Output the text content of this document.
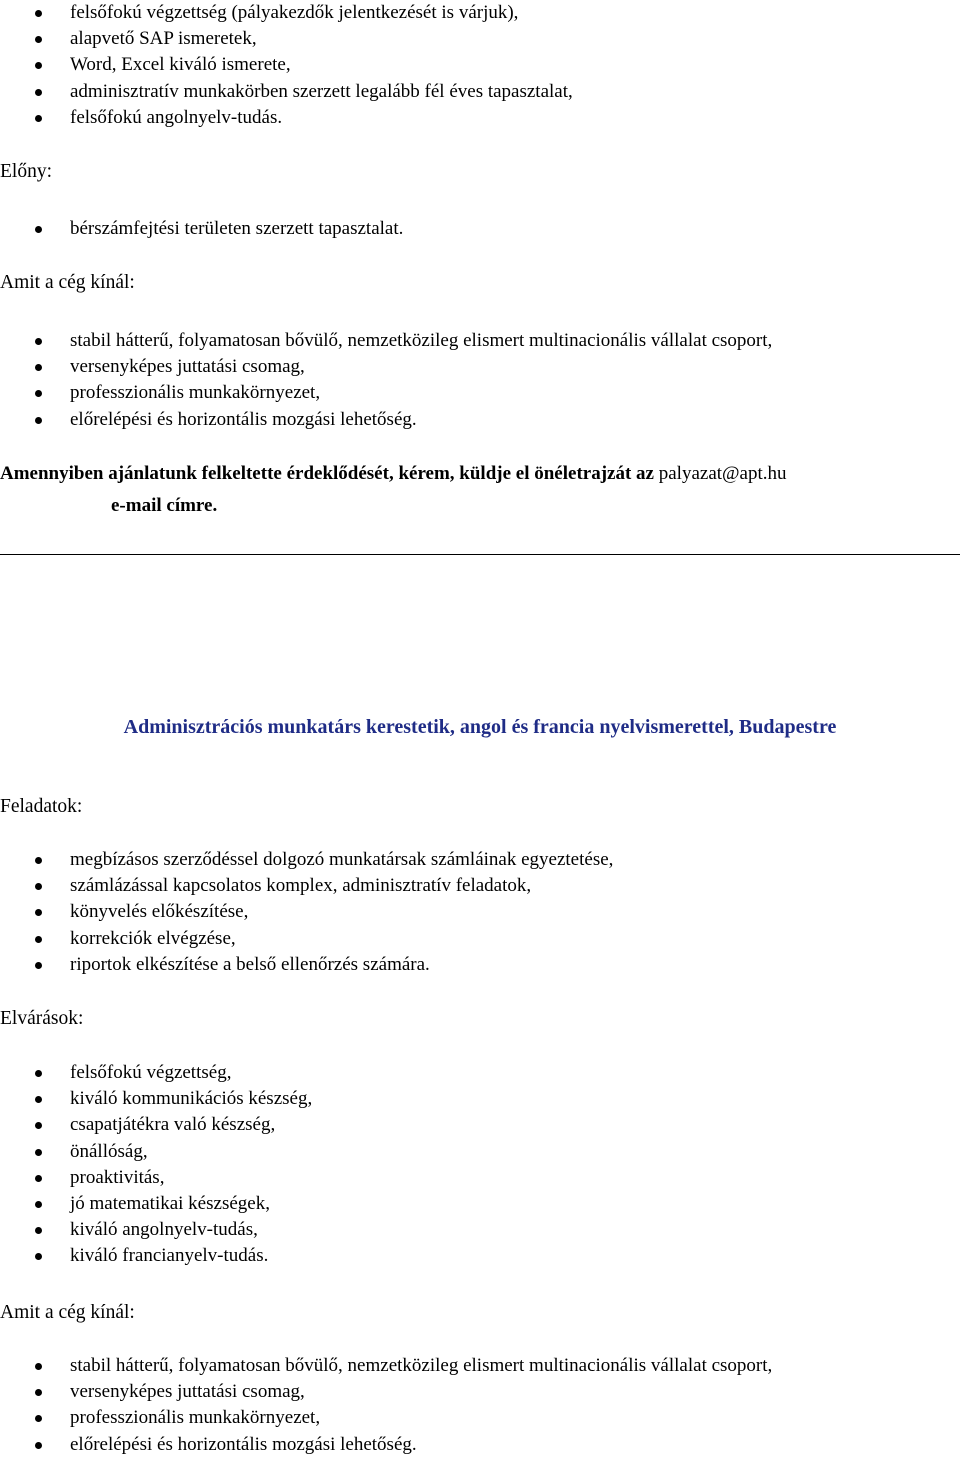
felsőfokú végzettség (pályakezdők jelentkezését is várjuk),
alapvető SAP ismeretek,
Word, Excel kiváló ismerete,
adminisztratív munkakörben szerzett legalább fél éves tapasztalat,
felsőfokú angolnyelv-tudás.
Előny:
bérszámfejtési területen szerzett tapasztalat.
Amit a cég kínál:
stabil hátterű, folyamatosan bővülő, nemzetközileg elismert multinacionális vállalat csoport,
versenyképes juttatási csomag,
professzionális munkakörnyezet,
előrelépési és horizontális mozgási lehetőség.
Amennyiben ajánlatunk felkeltette érdeklődését, kérem, küldje el önéletrajzát az palyazat@apt.hu
e-mail címre.
Adminisztrációs munkatárs kerestetik, angol és francia nyelvismerettel, Budapestre
Feladatok:
megbízásos szerződéssel dolgozó munkatársak számláinak egyeztetése,
számlázással kapcsolatos komplex, adminisztratív feladatok,
könyvelés előkészítése,
korrekciók elvégzése,
riportok elkészítése a belső ellenőrzés számára.
Elvárások:
felsőfokú végzettség,
kiváló kommunikációs készség,
csapatjátékra való készség,
önállóság,
proaktivitás,
jó matematikai készségek,
kiváló angolnyelv-tudás,
kiváló francianyelv-tudás.
Amit a cég kínál:
stabil hátterű, folyamatosan bővülő, nemzetközileg elismert multinacionális vállalat csoport,
versenyképes juttatási csomag,
professzionális munkakörnyezet,
előrelépési és horizontális mozgási lehetőség.
